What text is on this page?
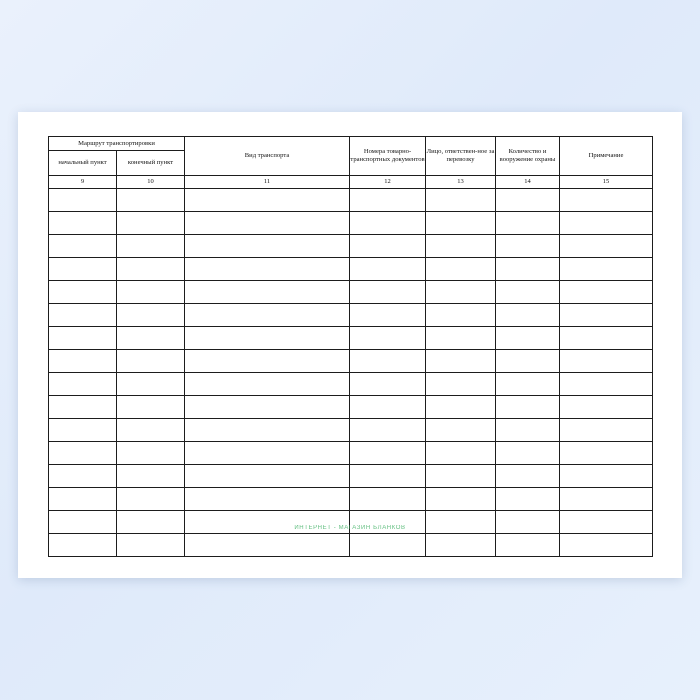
Маршрут транспортировки		Вид транспорта	Номера товарно-транспортных документов	Лицо, ответствен-ное за перевозку	Количество и вооружение охраны	Примечание
начальный пункт	конечный пункт					
9	10	11	12	13	14	15

ИНТЕРНЕТ - МАГАЗИН БЛАНКОВ
